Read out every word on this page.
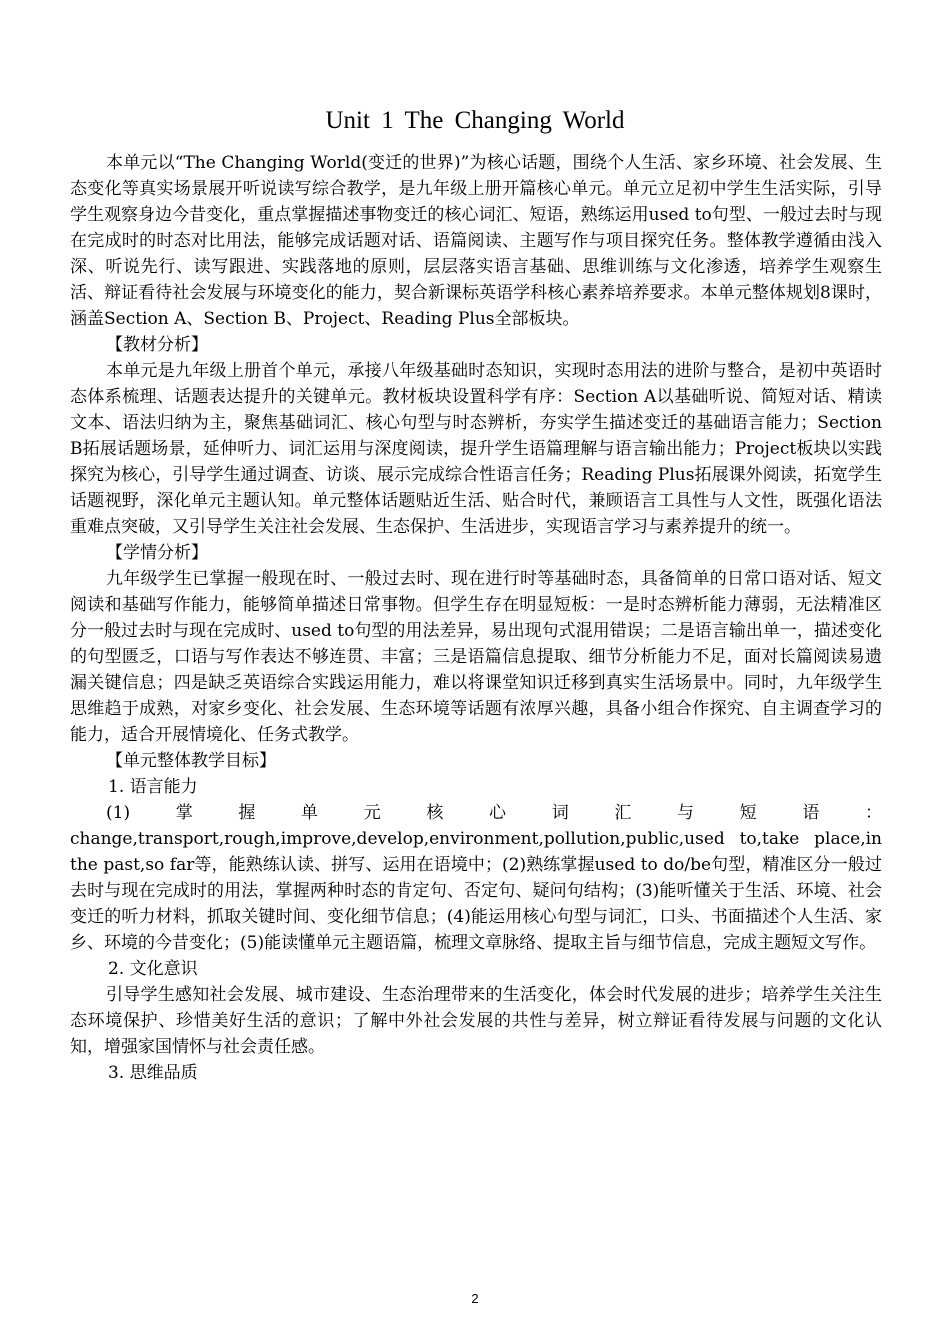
Unit 1 The Changing World

本单元以“The Changing World(变迁的世界)”为核心话题，围绕个人生活、家乡环境、社会发展、生态变化等真实场景展开听说读写综合教学，是九年级上册开篇核心单元。单元立足初中学生生活实际，引导学生观察身边今昔变化，重点掌握描述事物变迁的核心词汇、短语，熟练运用used to句型、一般过去时与现在完成时的时态对比用法，能够完成话题对话、语篇阅读、主题写作与项目探究任务。整体教学遵循由浅入深、听说先行、读写跟进、实践落地的原则，层层落实语言基础、思维训练与文化渗透，培养学生观察生活、辩证看待社会发展与环境变化的能力，契合新课标英语学科核心素养培养要求。本单元整体规划8课时，涵盖Section A、Section B、Project、Reading Plus全部板块。

【教材分析】

本单元是九年级上册首个单元，承接八年级基础时态知识，实现时态用法的进阶与整合，是初中英语时态体系梳理、话题表达提升的关键单元。教材板块设置科学有序：Section A以基础听说、简短对话、精读文本、语法归纳为主，聚焦基础词汇、核心句型与时态辨析，夯实学生描述变迁的基础语言能力；Section B拓展话题场景，延伸听力、词汇运用与深度阅读，提升学生语篇理解与语言输出能力；Project板块以实践探究为核心，引导学生通过调查、访谈、展示完成综合性语言任务；Reading Plus拓展课外阅读，拓宽学生话题视野，深化单元主题认知。单元整体话题贴近生活、贴合时代，兼顾语言工具性与人文性，既强化语法重难点突破，又引导学生关注社会发展、生态保护、生活进步，实现语言学习与素养提升的统一。

【学情分析】

九年级学生已掌握一般现在时、一般过去时、现在进行时等基础时态，具备简单的日常口语对话、短文阅读和基础写作能力，能够简单描述日常事物。但学生存在明显短板：一是时态辨析能力薄弱，无法精准区分一般过去时与现在完成时、used to句型的用法差异，易出现句式混用错误；二是语言输出单一，描述变化的句型匮乏，口语与写作表达不够连贯、丰富；三是语篇信息提取、细节分析能力不足，面对长篇阅读易遗漏关键信息；四是缺乏英语综合实践运用能力，难以将课堂知识迁移到真实生活场景中。同时，九年级学生思维趋于成熟，对家乡变化、社会发展、生态环境等话题有浓厚兴趣，具备小组合作探究、自主调查学习的能力，适合开展情境化、任务式教学。

【单元整体教学目标】

1. 语言能力

(1)掌握单元核心词汇与短语：change,transport,rough,improve,develop,environment,pollution,public,used to,take place,in the past,so far等，能熟练认读、拼写、运用在语境中；(2)熟练掌握used to do/be句型，精准区分一般过去时与现在完成时的用法，掌握两种时态的肯定句、否定句、疑问句结构；(3)能听懂关于生活、环境、社会变迁的听力材料，抓取关键时间、变化细节信息；(4)能运用核心句型与词汇，口头、书面描述个人生活、家乡、环境的今昔变化；(5)能读懂单元主题语篇，梳理文章脉络、提取主旨与细节信息，完成主题短文写作。

2. 文化意识

引导学生感知社会发展、城市建设、生态治理带来的生活变化，体会时代发展的进步；培养学生关注生态环境保护、珍惜美好生活的意识；了解中外社会发展的共性与差异，树立辩证看待发展与问题的文化认知，增强家国情怀与社会责任感。

3. 思维品质

2
